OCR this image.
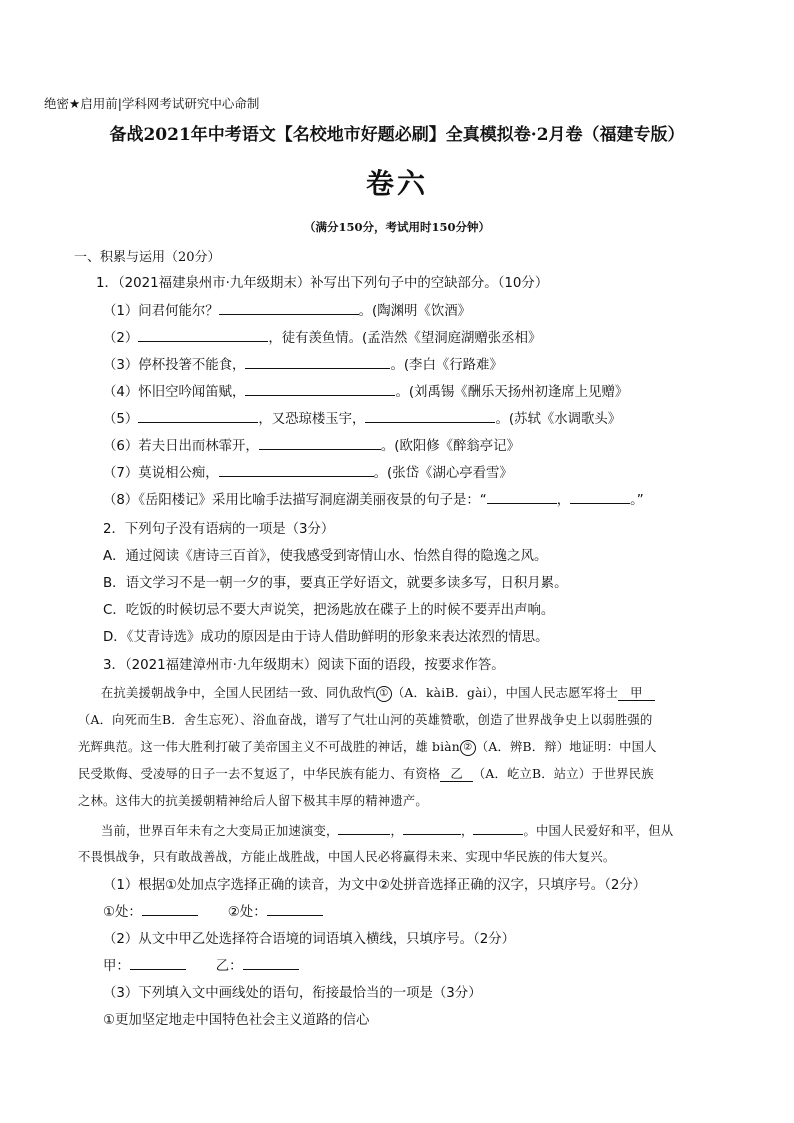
绝密★启用前|学科网考试研究中心命制
备战2021年中考语文【名校地市好题必刷】全真模拟卷·2月卷（福建专版）
卷六
（满分150分，考试用时150分钟）
一、积累与运用（20分）
1．（2021福建泉州市·九年级期末）补写出下列句子中的空缺部分。（10分）
（1）问君何能尔？	。(陶渊明《饮酒》
（2）	，徒有羡鱼情。(孟浩然《望洞庭湖赠张丞相》
（3）停杯投箸不能食，	。(李白《行路难》
（4）怀旧空吟闻笛赋，	。(刘禹锡《酬乐天扬州初逢席上见赠》
（5）	，又恐琼楼玉宇，	。(苏轼《水调歌头》
（6）若夫日出而林霏开，	。(欧阳修《醉翁亭记》
（7）莫说相公痴，	。(张岱《湖心亭看雪》
（8）《岳阳楼记》采用比喻手法描写洞庭湖美丽夜景的句子是：“	，	。”
2．下列句子没有语病的一项是（3分）
A．通过阅读《唐诗三百首》，使我感受到寄情山水、怡然自得的隐逸之风。
B．语文学习不是一朝一夕的事，要真正学好语文，就要多读多写，日积月累。
C．吃饭的时候切忌不要大声说笑，把汤匙放在碟子上的时候不要弄出声响。
D．《艾青诗选》成功的原因是由于诗人借助鲜明的形象来表达浓烈的情思。
3．（2021福建漳州市·九年级期末）阅读下面的语段，按要求作答。
在抗美援朝战争中，全国人民团结一致、同仇敌忾 ① （A．kàiB．gài），中国人民志愿军将士 甲
（A．向死而生B．舍生忘死）、浴血奋战，谱写了气壮山河的英雄赞歌，创造了世界战争史上以弱胜强的
光辉典范。这一伟大胜利打破了美帝国主义不可战胜的神话，雄 biàn ② （A．辨B．辩）地证明：中国人
民受欺侮、受凌辱的日子一去不复返了，中华民族有能力、有资格 乙 （A．屹立B．站立）于世界民族
之林。这伟大的抗美援朝精神给后人留下极其丰厚的精神遗产。
当前，世界百年未有之大变局正加速演变，	，	，	。中国人民爱好和平，但从
不畏惧战争，只有敢战善战，方能止战胜战，中国人民必将赢得未来、实现中华民族的伟大复兴。
（1）根据①处加点字选择正确的读音，为文中②处拼音选择正确的汉字，只填序号。（2分）
①处：	②处：
（2）从文中甲乙处选择符合语境的词语填入横线，只填序号。（2分）
甲：	乙：
（3）下列填入文中画线处的语句，衔接最恰当的一项是（3分）
①更加坚定地走中国特色社会主义道路的信心
